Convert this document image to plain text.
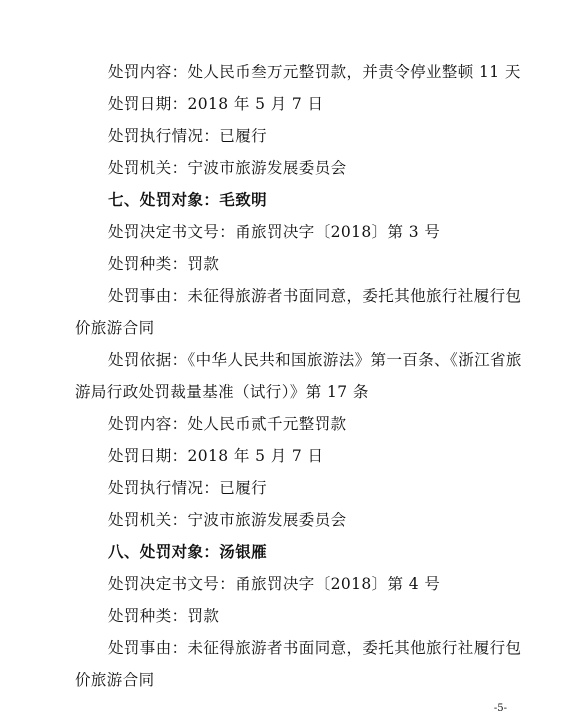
处罚内容：处人民币叁万元整罚款，并责令停业整顿 11 天
处罚日期：2018 年 5 月 7 日
处罚执行情况：已履行
处罚机关：宁波市旅游发展委员会
七、处罚对象：毛致明
处罚决定书文号：甬旅罚决字〔2018〕第 3 号
处罚种类：罚款
处罚事由：未征得旅游者书面同意，委托其他旅行社履行包
价旅游合同
处罚依据：《中华人民共和国旅游法》第一百条、《浙江省旅
游局行政处罚裁量基准（试行）》第 17 条
处罚内容：处人民币贰千元整罚款
处罚日期：2018 年 5 月 7 日
处罚执行情况：已履行
处罚机关：宁波市旅游发展委员会
八、处罚对象：汤银雁
处罚决定书文号：甬旅罚决字〔2018〕第 4 号
处罚种类：罚款
处罚事由：未征得旅游者书面同意，委托其他旅行社履行包
价旅游合同
-5-
